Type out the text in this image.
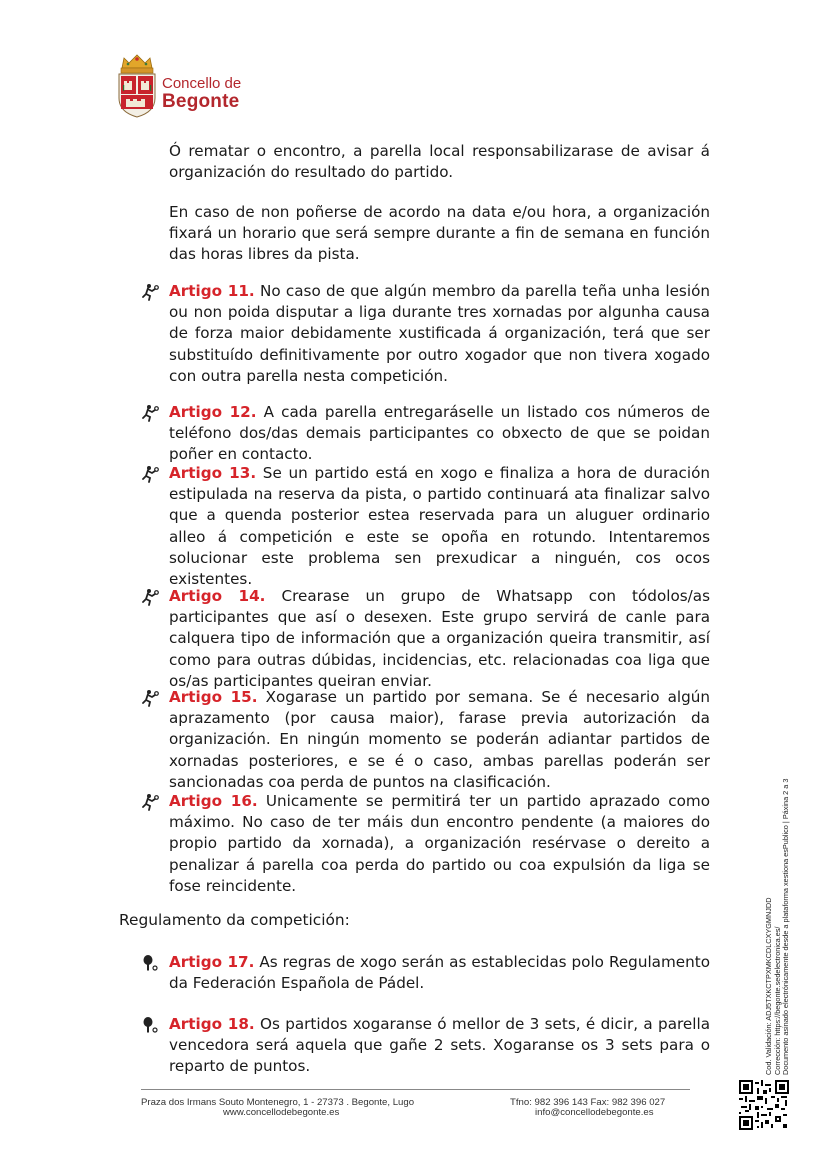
Concello de
Begonte
Ó rematar o encontro, a parella local responsabilizarase de avisar á organización do resultado do partido.
En caso de non poñerse de acordo na data e/ou hora, a organización fixará un horario que será sempre durante a fin de semana en función das horas libres da pista.
Artigo 11. No caso de que algún membro da parella teña unha lesión ou non poida disputar a liga durante tres xornadas por algunha causa de forza maior debidamente xustificada á organización, terá que ser substituído definitivamente por outro xogador que non tivera xogado con outra parella nesta competición.
Artigo 12. A cada parella entregaráselle un listado cos números de teléfono dos/das demais participantes co obxecto de que se poidan poñer en contacto.
Artigo 13. Se un partido está en xogo e finaliza a hora de duración estipulada na reserva da pista, o partido continuará ata finalizar salvo que a quenda posterior estea reservada para un aluguer ordinario alleo á competición e este se opoña en rotundo. Intentaremos solucionar este problema sen prexudicar a ninguén, cos ocos existentes.
Artigo 14. Crearase un grupo de Whatsapp con tódolos/as participantes que así o desexen. Este grupo servirá de canle para calquera tipo de información que a organización queira transmitir, así como para outras dúbidas, incidencias, etc. relacionadas coa liga que os/as participantes queiran enviar.
Artigo 15. Xogarase un partido por semana. Se é necesario algún aprazamento (por causa maior), farase previa autorización da organización. En ningún momento se poderán adiantar partidos de xornadas posteriores, e se é o caso, ambas parellas poderán ser sancionadas coa perda de puntos na clasificación.
Artigo 16. Unicamente se permitirá ter un partido aprazado como máximo. No caso de ter máis dun encontro pendente (a maiores do propio partido da xornada), a organización resérvase o dereito a penalizar á parella coa perda do partido ou coa expulsión da liga se fose reincidente.
Regulamento da competición:
Artigo 17. As regras de xogo serán as establecidas polo Regulamento da Federación Española de Pádel.
Artigo 18. Os partidos xogaranse ó mellor de 3 sets, é dicir, a parella vencedora será aquela que gañe 2 sets. Xogaranse os 3 sets para o reparto de puntos.
Praza dos Irmans Souto Montenegro, 1 - 27373 . Begonte, Lugo
www.concellodebegonte.es
Tfno: 982 396 143 Fax: 982 396 027
info@concellodebegonte.es
Cod. Validación: ADJ5TXKCTPXMKCDLCXYGMNJDD Corrección: https://begonte.sedelectronica.es/ Documento asinado electrónicamente desde a plataforma xestiona esPublico | Páxina 2 a 3
